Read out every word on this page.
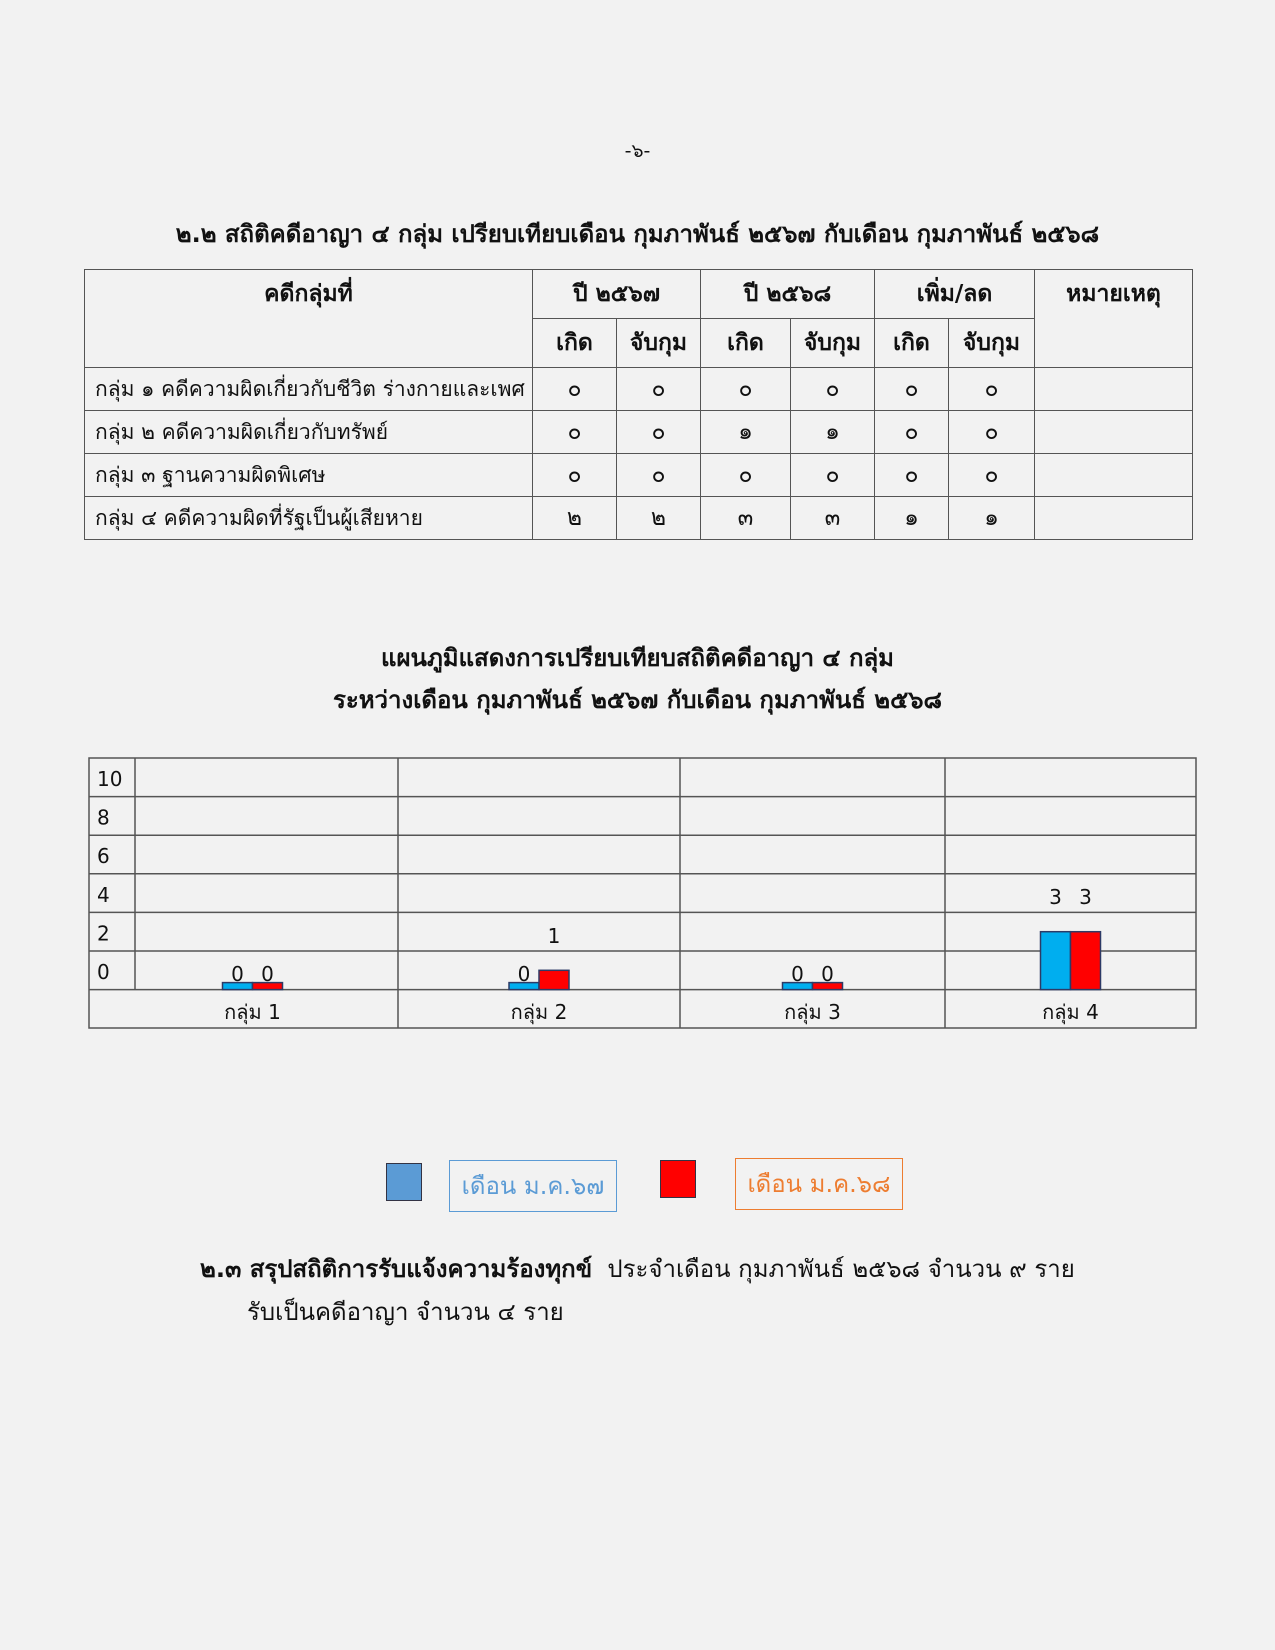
-๖-
๒.๒ สถิติคดีอาญา ๔ กลุ่ม เปรียบเทียบเดือน กุมภาพันธ์ ๒๕๖๗ กับเดือน กุมภาพันธ์ ๒๕๖๘
คดีกลุ่มที่	ปี ๒๕๖๗		ปี ๒๕๖๘		เพิ่ม/ลด		หมายเหตุ
	เกิด	จับกุม	เกิด	จับกุม	เกิด	จับกุม	
กลุ่ม ๑ คดีความผิดเกี่ยวกับชีวิต ร่างกายและเพศ	๐	๐	๐	๐	๐	๐	
กลุ่ม ๒ คดีความผิดเกี่ยวกับทรัพย์	๐	๐	๑	๑	๐	๐	
กลุ่ม ๓ ฐานความผิดพิเศษ	๐	๐	๐	๐	๐	๐	
กลุ่ม ๔ คดีความผิดที่รัฐเป็นผู้เสียหาย	๒	๒	๓	๓	๑	๑	
แผนภูมิแสดงการเปรียบเทียบสถิติคดีอาญา ๔ กลุ่ม
ระหว่างเดือน กุมภาพันธ์ ๒๕๖๗ กับเดือน กุมภาพันธ์ ๒๕๖๘
10
8
6
4
2
0
กลุ่ม 1
0 0
กลุ่ม 2
0
1
กลุ่ม 3
0 0
กลุ่ม 4
3 3
เดือน ม.ค.๖๗	เดือน ม.ค.๖๘
๒.๓ สรุปสถิติการรับแจ้งความร้องทุกข์ ประจำเดือน กุมภาพันธ์ ๒๕๖๘ จำนวน ๙ ราย
รับเป็นคดีอาญา จำนวน ๔ ราย
